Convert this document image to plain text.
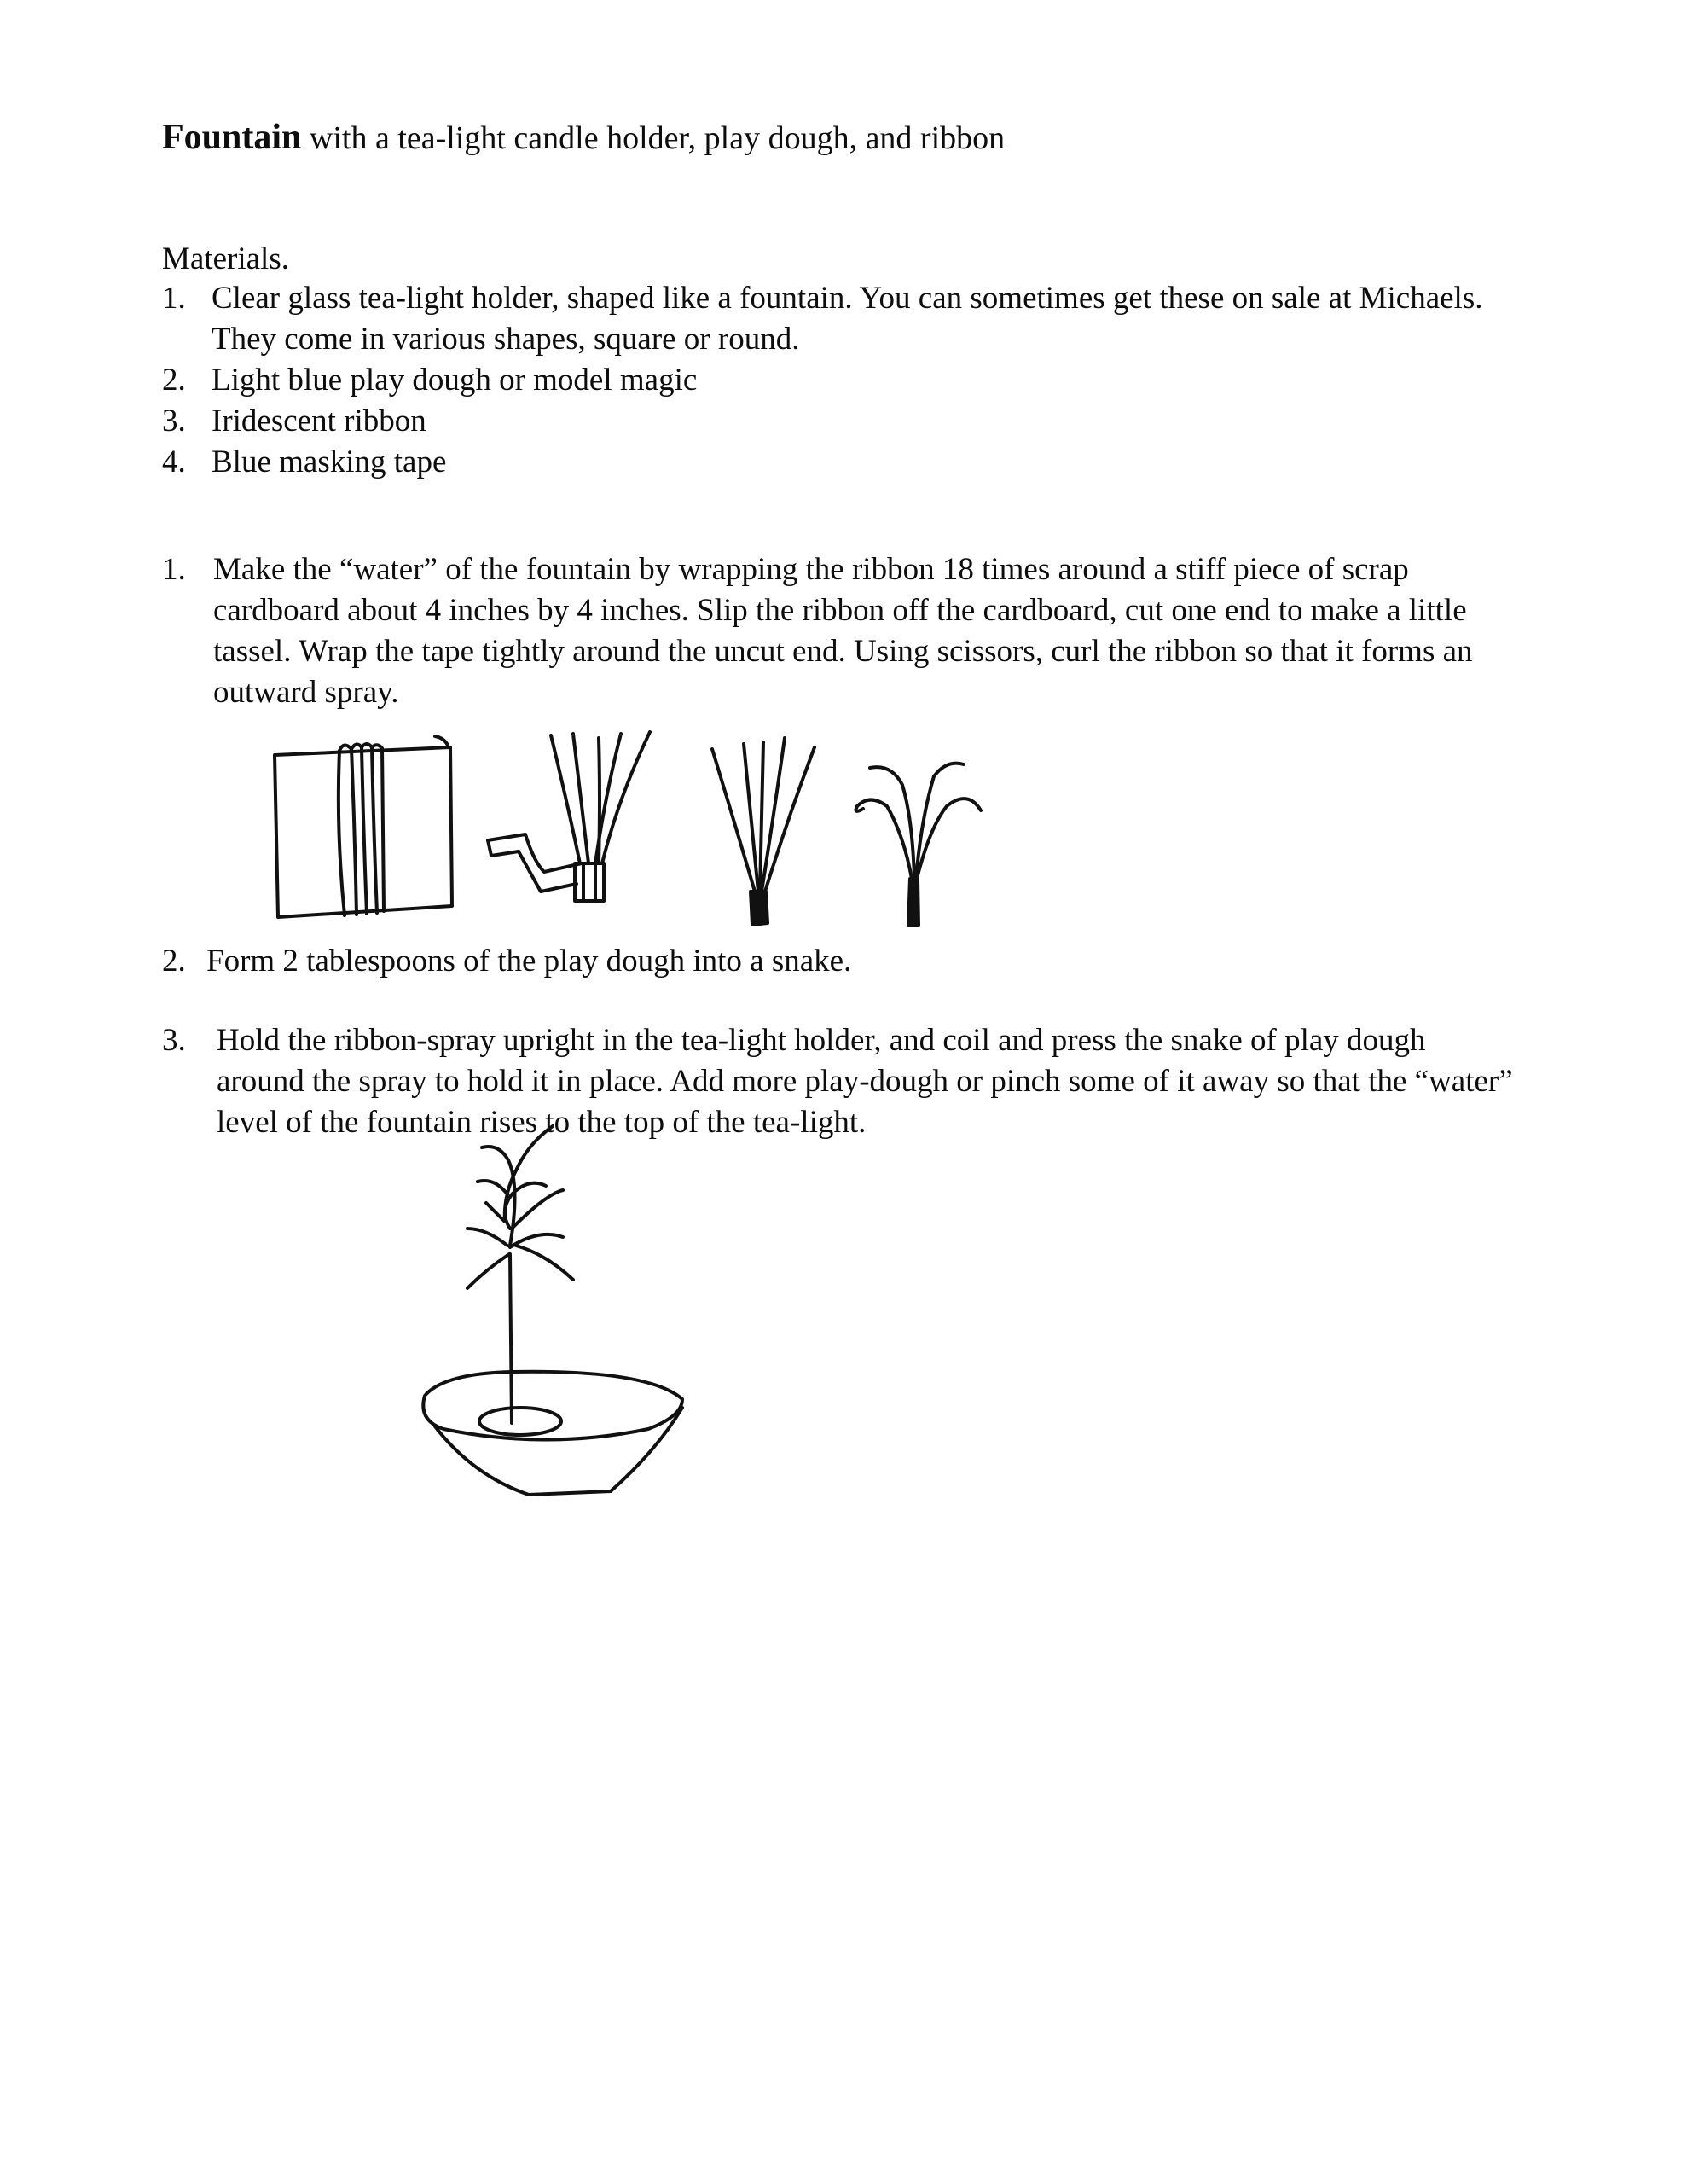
Fountain with a tea-light candle holder, play dough, and ribbon
Materials.
1. Clear glass tea-light holder, shaped like a fountain. You can sometimes get these on sale at Michaels. They come in various shapes, square or round.
2. Light blue play dough or model magic
3. Iridescent ribbon
4. Blue masking tape
1. Make the “water” of the fountain by wrapping the ribbon 18 times around a stiff piece of scrap cardboard about 4 inches by 4 inches. Slip the ribbon off the cardboard, cut one end to make a little tassel. Wrap the tape tightly around the uncut end. Using scissors, curl the ribbon so that it forms an outward spray.
2. Form 2 tablespoons of the play dough into a snake.
3. Hold the ribbon-spray upright in the tea-light holder, and coil and press the snake of play dough around the spray to hold it in place. Add more play-dough or pinch some of it away so that the “water” level of the fountain rises to the top of the tea-light.
